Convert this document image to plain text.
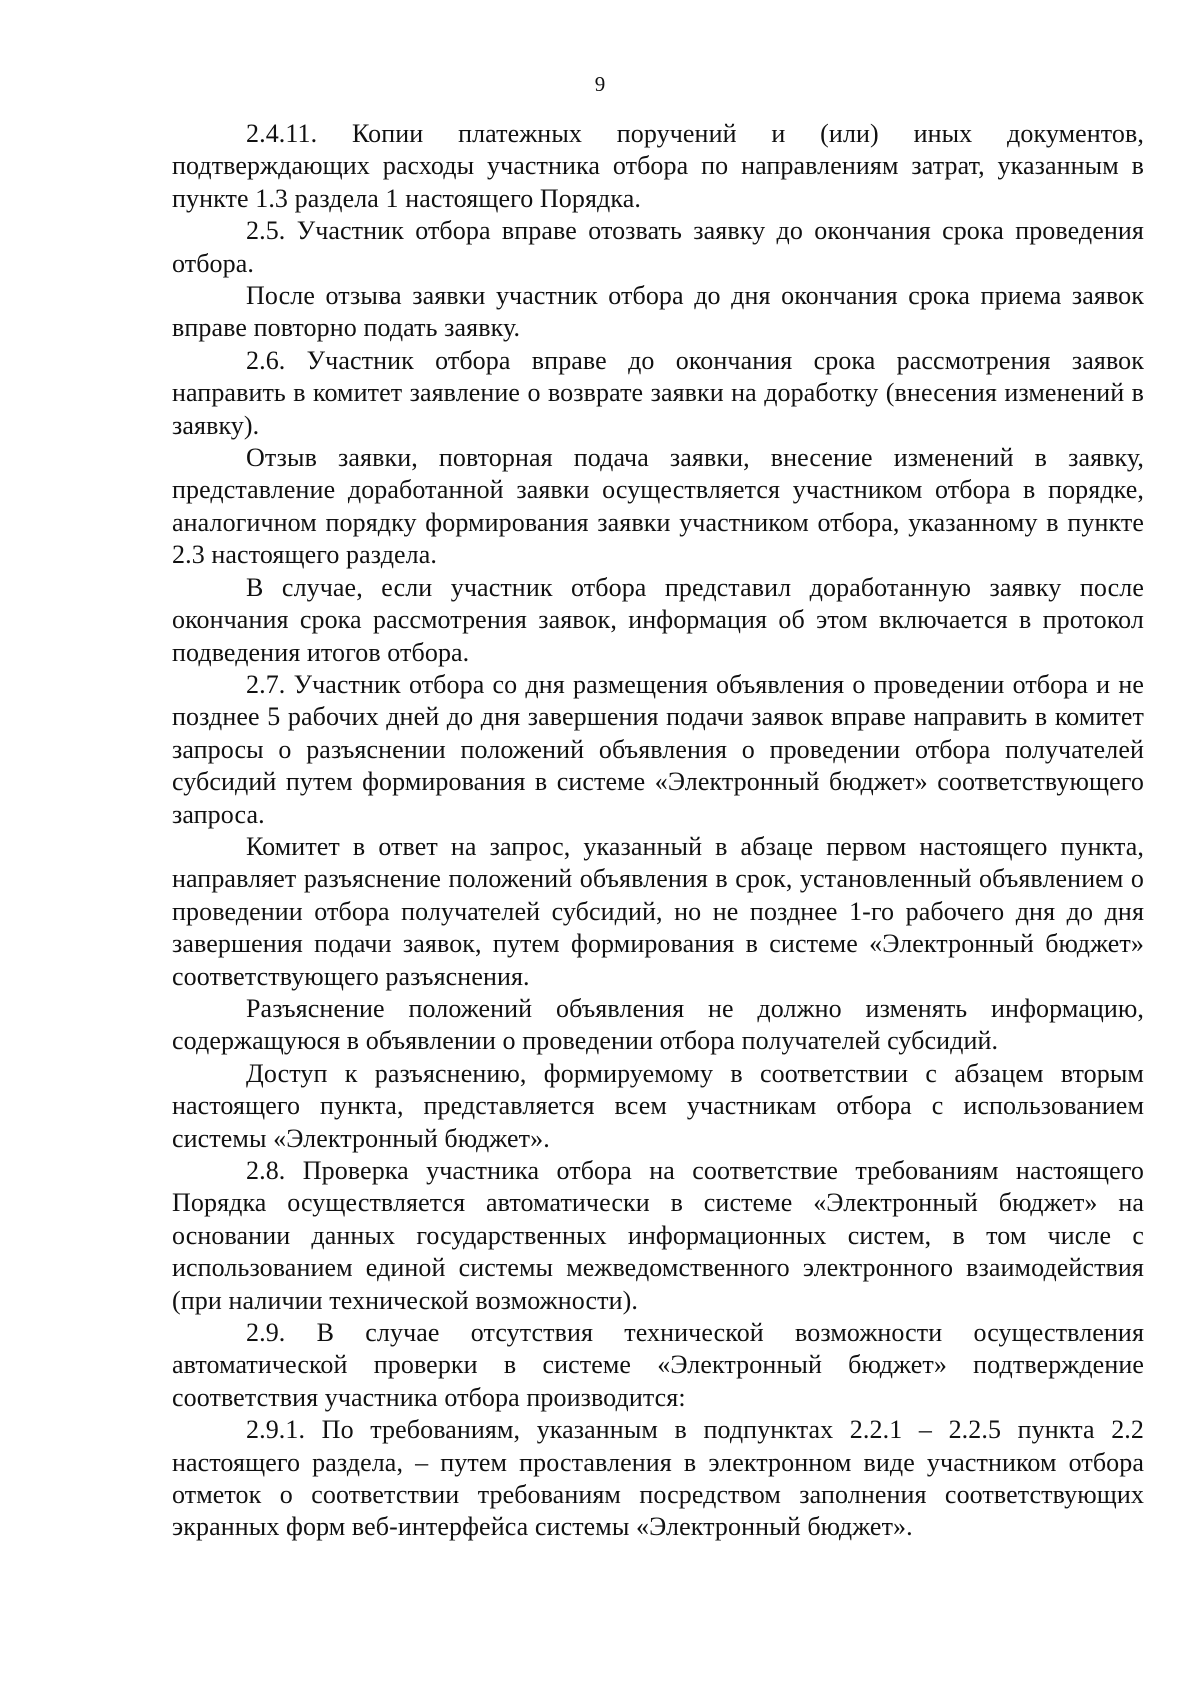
9

2.4.11. Копии платежных поручений и (или) иных документов, подтверждающих расходы участника отбора по направлениям затрат, указанным в пункте 1.3 раздела 1 настоящего Порядка.

2.5. Участник отбора вправе отозвать заявку до окончания срока проведения отбора.

После отзыва заявки участник отбора до дня окончания срока приема заявок вправе повторно подать заявку.

2.6. Участник отбора вправе до окончания срока рассмотрения заявок направить в комитет заявление о возврате заявки на доработку (внесения изменений в заявку).

Отзыв заявки, повторная подача заявки, внесение изменений в заявку, представление доработанной заявки осуществляется участником отбора в порядке, аналогичном порядку формирования заявки участником отбора, указанному в пункте 2.3 настоящего раздела.

В случае, если участник отбора представил доработанную заявку после окончания срока рассмотрения заявок, информация об этом включается в протокол подведения итогов отбора.

2.7. Участник отбора со дня размещения объявления о проведении отбора и не позднее 5 рабочих дней до дня завершения подачи заявок вправе направить в комитет запросы о разъяснении положений объявления о проведении отбора получателей субсидий путем формирования в системе «Электронный бюджет» соответствующего запроса.

Комитет в ответ на запрос, указанный в абзаце первом настоящего пункта, направляет разъяснение положений объявления в срок, установленный объявлением о проведении отбора получателей субсидий, но не позднее 1-го рабочего дня до дня завершения подачи заявок, путем формирования в системе «Электронный бюджет» соответствующего разъяснения.

Разъяснение положений объявления не должно изменять информацию, содержащуюся в объявлении о проведении отбора получателей субсидий.

Доступ к разъяснению, формируемому в соответствии с абзацем вторым настоящего пункта, представляется всем участникам отбора с использованием системы «Электронный бюджет».

2.8. Проверка участника отбора на соответствие требованиям настоящего Порядка осуществляется автоматически в системе «Электронный бюджет» на основании данных государственных информационных систем, в том числе с использованием единой системы межведомственного электронного взаимодействия (при наличии технической возможности).

2.9. В случае отсутствия технической возможности осуществления автоматической проверки в системе «Электронный бюджет» подтверждение соответствия участника отбора производится:

2.9.1. По требованиям, указанным в подпунктах 2.2.1 – 2.2.5 пункта 2.2 настоящего раздела, – путем проставления в электронном виде участником отбора отметок о соответствии требованиям посредством заполнения соответствующих экранных форм веб-интерфейса системы «Электронный бюджет».
